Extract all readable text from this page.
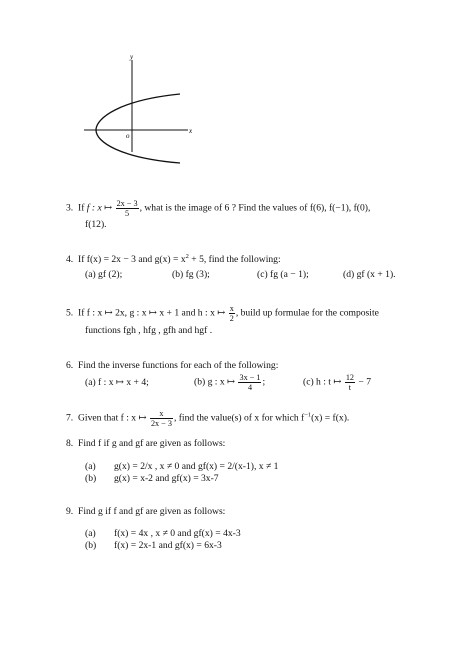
y
x
o
3. If f : x ↦ $\frac{2x - 3}{5}$ , what is the image of 6 ? Find the values of f(6), f(−1), f(0),
f(12).
4. If f(x) = 2x − 3 and $g(x) = x^2 + 5$, find the following:
(a) gf (2);	(b) fg (3);	(c) fg (a − 1);	(d) gf (x + 1).
5. If f : x ↦ 2x, g : x ↦ x + 1 and h : x ↦ $\frac{x}{2}$ , build up formulae for the composite
functions fgh , hfg , gfh and hgf .
6. Find the inverse functions for each of the following:
(a) f : x ↦ x + 4;	(b) g : x ↦ $\frac{3x - 1}{4}$ ;	(c) h : t ↦ $\frac{12}{t} - 7$
7. Given that f : x ↦ $\frac{x}{2x - 3}$ , find the value(s) of x for which $f^{-1}(x) = f(x)$.
8. Find f if g and gf are given as follows:
(a) g(x) = 2/x , x ≠ 0 and gf(x) = 2/(x-1), x ≠ 1
(b) g(x) = x-2 and gf(x) = 3x-7
9. Find g if f and gf are given as follows:
(a) f(x) = 4x , x ≠ 0 and gf(x) = 4x-3
(b) f(x) = 2x-1 and gf(x) = 6x-3
